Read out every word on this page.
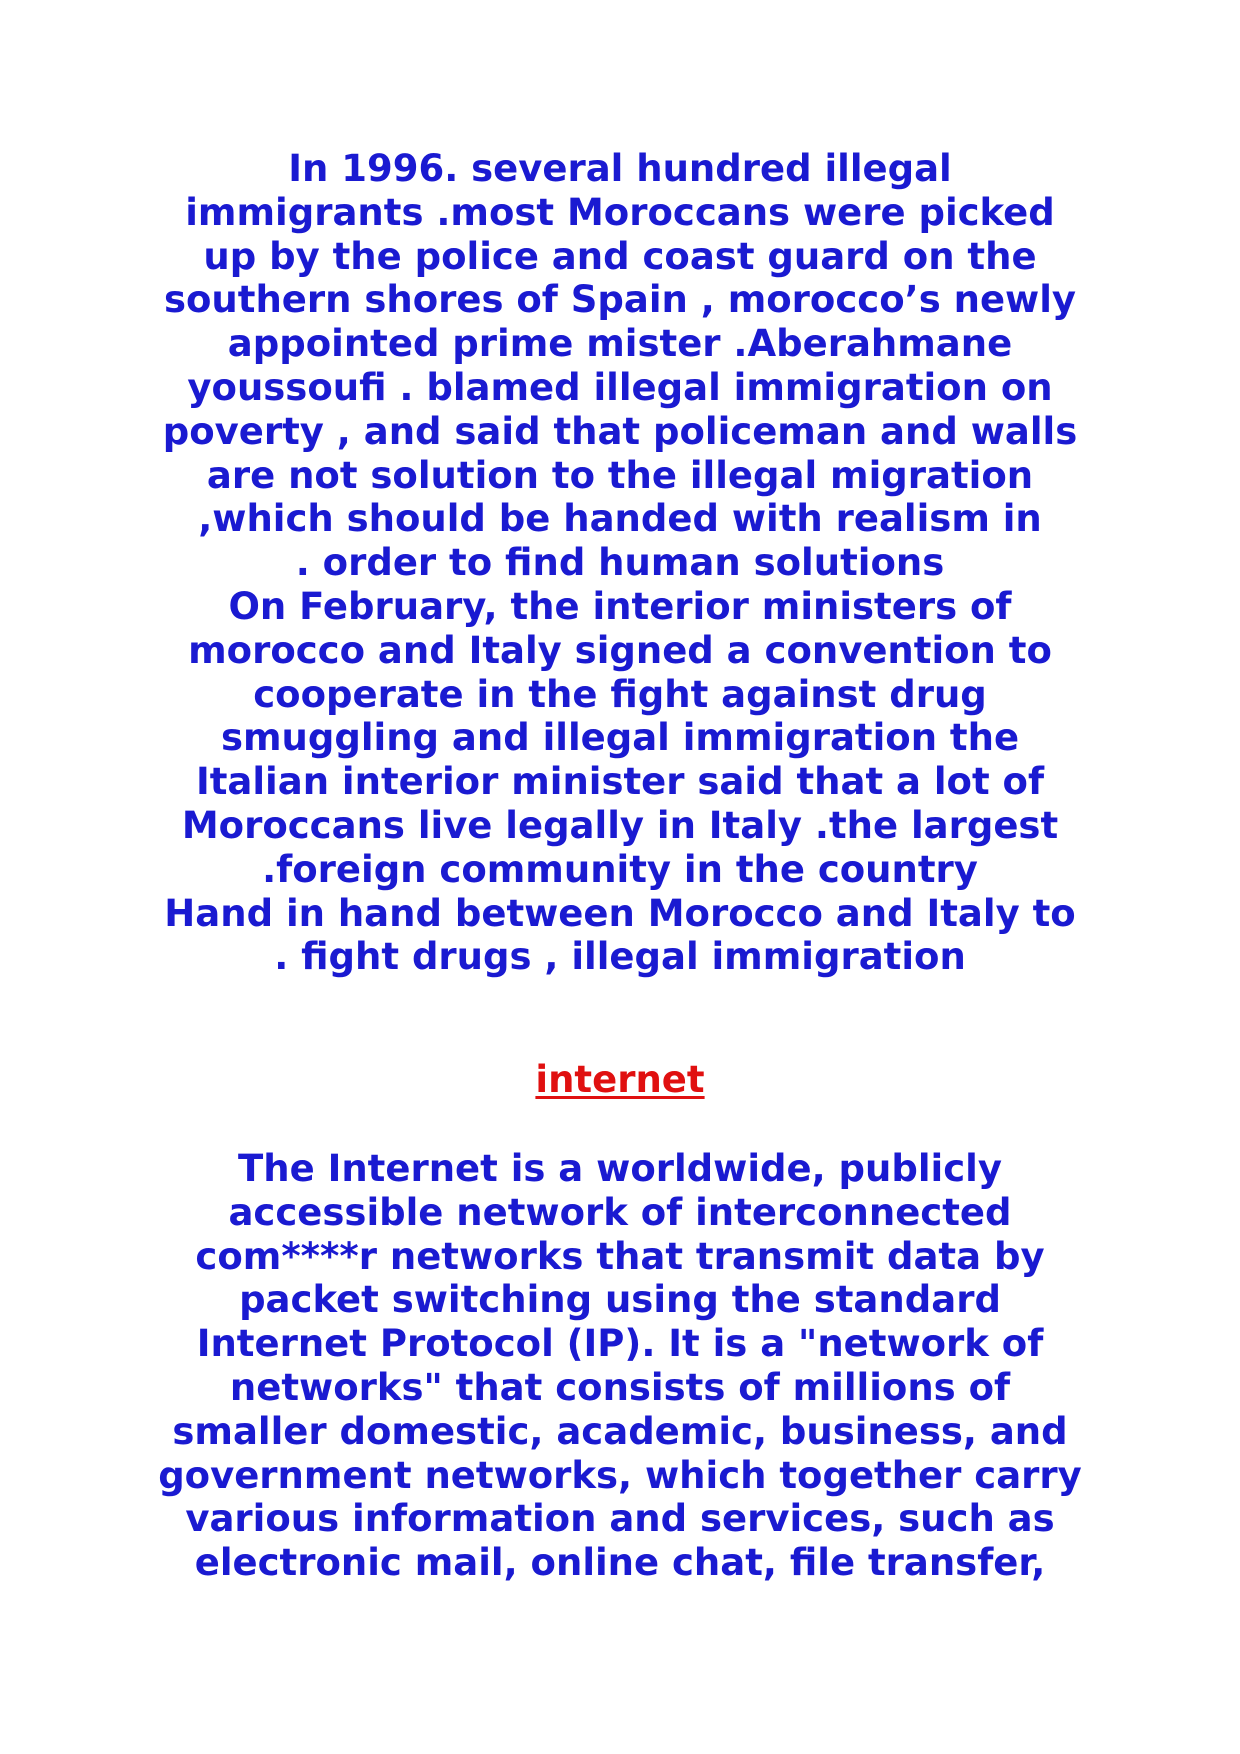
In 1996. several hundred illegal
immigrants .most Moroccans were picked
up by the police and coast guard on the
southern shores of Spain , morocco’s newly
appointed prime mister .Aberahmane
youssoufi . blamed illegal immigration on
poverty , and said that policeman and walls
are not solution to the illegal migration
,which should be handed with realism in
. order to find human solutions
On February, the interior ministers of
morocco and Italy signed a convention to
cooperate in the fight against drug
smuggling and illegal immigration the
Italian interior minister said that a lot of
Moroccans live legally in Italy .the largest
.foreign community in the country
Hand in hand between Morocco and Italy to
. fight drugs , illegal immigration
internet
The Internet is a worldwide, publicly
accessible network of interconnected
com****r networks that transmit data by
packet switching using the standard
Internet Protocol (IP). It is a "network of
networks" that consists of millions of
smaller domestic, academic, business, and
government networks, which together carry
various information and services, such as
electronic mail, online chat, file transfer,
